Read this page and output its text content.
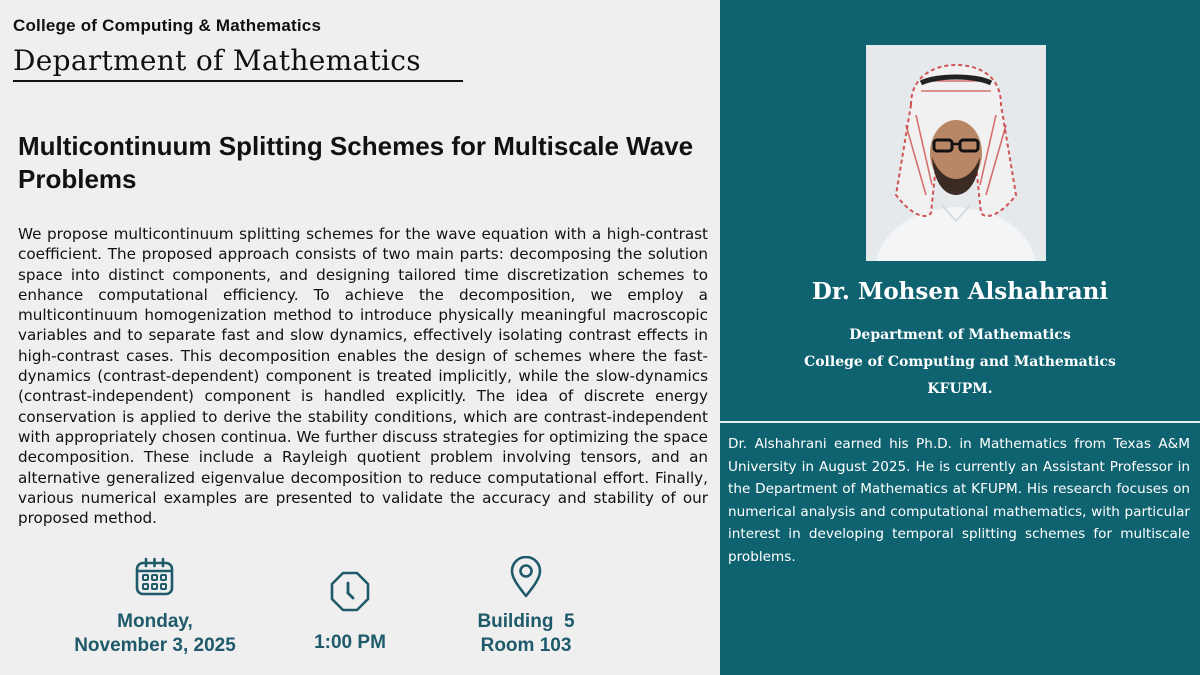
College of Computing & Mathematics
Department of Mathematics
Multicontinuum Splitting Schemes for Multiscale Wave Problems
We propose multicontinuum splitting schemes for the wave equation with a high-contrast coefficient. The proposed approach consists of two main parts: decomposing the solution space into distinct components, and designing tailored time discretization schemes to enhance computational efficiency. To achieve the decomposition, we employ a multicontinuum homogenization method to introduce physically meaningful macroscopic variables and to separate fast and slow dynamics, effectively isolating contrast effects in high-contrast cases. This decomposition enables the design of schemes where the fast-dynamics (contrast-dependent) component is treated implicitly, while the slow-dynamics (contrast-independent) component is handled explicitly. The idea of discrete energy conservation is applied to derive the stability conditions, which are contrast-independent with appropriately chosen continua. We further discuss strategies for optimizing the space decomposition. These include a Rayleigh quotient problem involving tensors, and an alternative generalized eigenvalue decomposition to reduce computational effort. Finally, various numerical examples are presented to validate the accuracy and stability of our proposed method.
Monday,
November 3, 2025	1:00 PM
Building  5
Room 103
Dr. Mohsen Alshahrani
Department of Mathematics
College of Computing and Mathematics
KFUPM.
Dr. Alshahrani earned his Ph.D. in Mathematics from Texas A&M University in August 2025. He is currently an Assistant Professor in the Department of Mathematics at KFUPM. His research focuses on numerical analysis and computational mathematics, with particular interest in developing temporal splitting schemes for multiscale problems.
